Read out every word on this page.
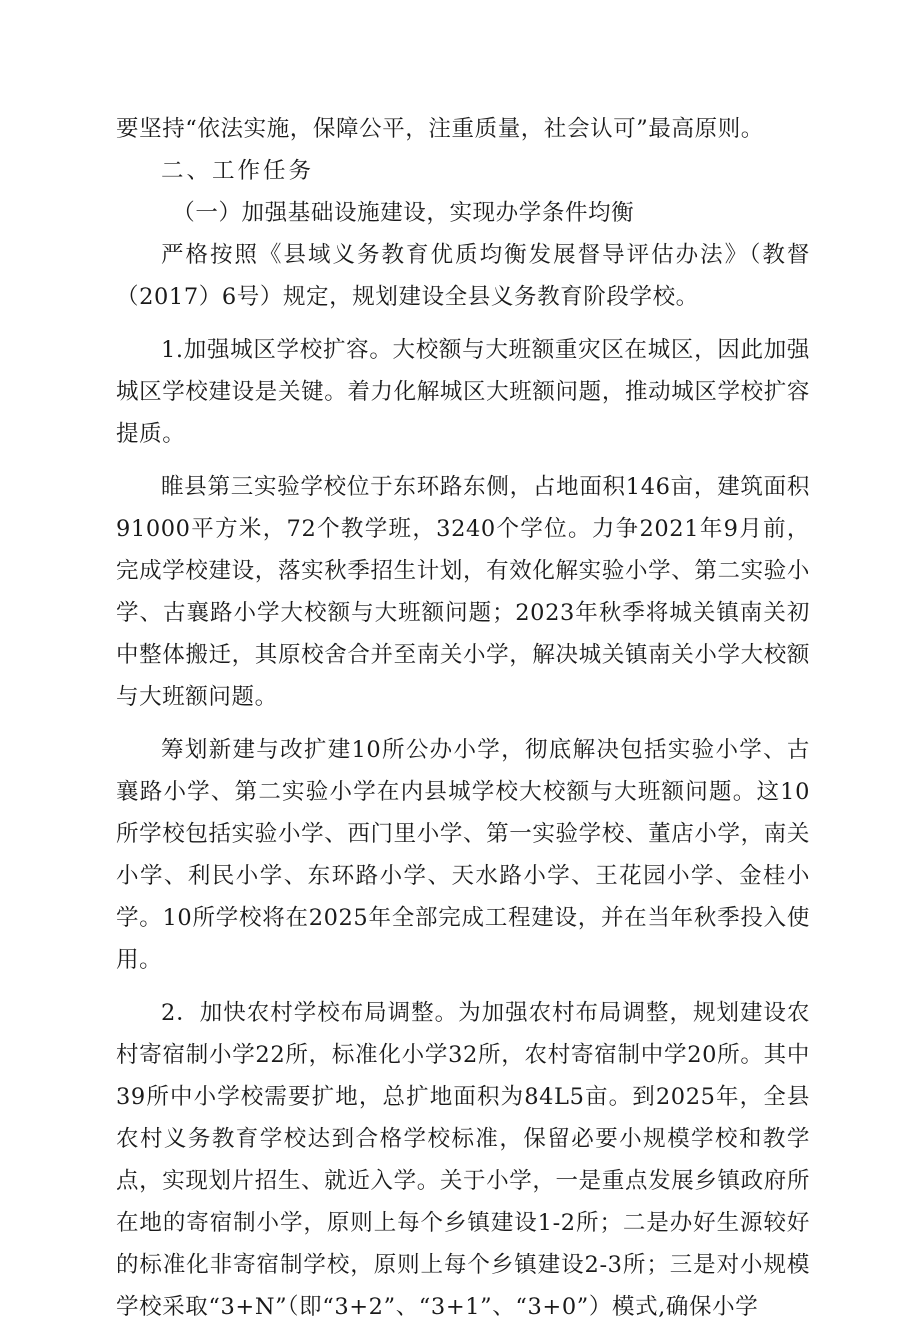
要坚持“依法实施，保障公平，注重质量，社会认可”最高原则。

二、工作任务

（一）加强基础设施建设，实现办学条件均衡

严格按照《县域义务教育优质均衡发展督导评估办法》（教督（2017）6号）规定，规划建设全县义务教育阶段学校。

1.加强城区学校扩容。大校额与大班额重灾区在城区，因此加强城区学校建设是关键。着力化解城区大班额问题，推动城区学校扩容提质。

睢县第三实验学校位于东环路东侧，占地面积146亩，建筑面积91000平方米，72个教学班，3240个学位。力争2021年9月前，完成学校建设，落实秋季招生计划，有效化解实验小学、第二实验小学、古襄路小学大校额与大班额问题；2023年秋季将城关镇南关初中整体搬迁，其原校舍合并至南关小学，解决城关镇南关小学大校额与大班额问题。

筹划新建与改扩建10所公办小学，彻底解决包括实验小学、古襄路小学、第二实验小学在内县城学校大校额与大班额问题。这10所学校包括实验小学、西门里小学、第一实验学校、董店小学，南关小学、利民小学、东环路小学、天水路小学、王花园小学、金桂小学。10所学校将在2025年全部完成工程建设，并在当年秋季投入使用。

2．加快农村学校布局调整。为加强农村布局调整，规划建设农村寄宿制小学22所，标准化小学32所，农村寄宿制中学20所。其中39所中小学校需要扩地，总扩地面积为84L5亩。到2025年，全县农村义务教育学校达到合格学校标准，保留必要小规模学校和教学点，实现划片招生、就近入学。关于小学，一是重点发展乡镇政府所在地的寄宿制小学，原则上每个乡镇建设1-2所；二是办好生源较好的标准化非寄宿制学校，原则上每个乡镇建设2-3所；三是对小规模学校采取“3+N”（即“3+2”、“3+1”、“3+0”）模式,确保小学
